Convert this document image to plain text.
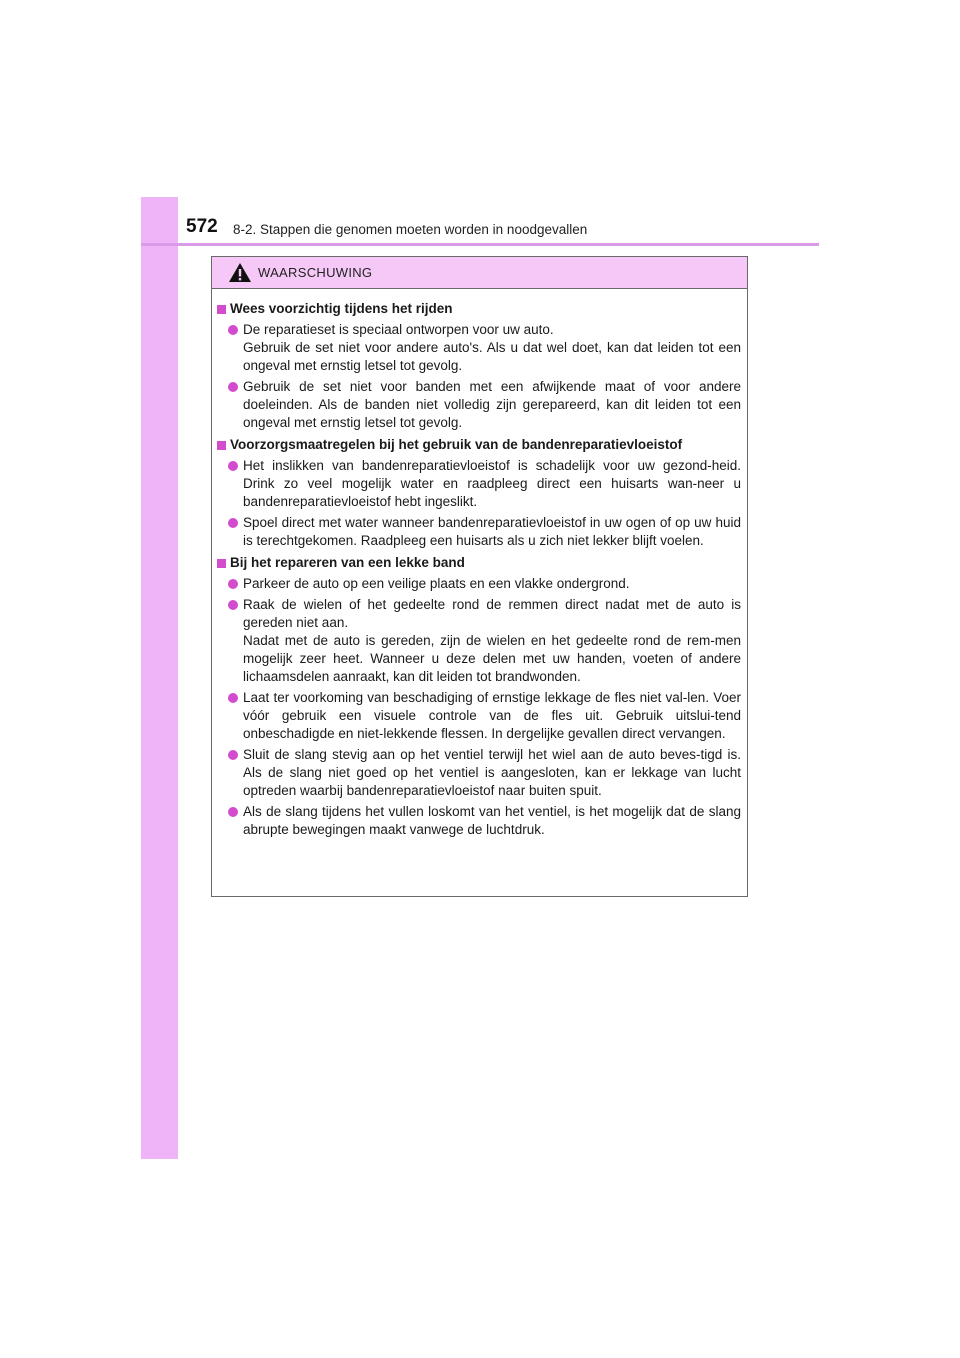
572 8-2. Stappen die genomen moeten worden in noodgevallen
WAARSCHUWING
Wees voorzichtig tijdens het rijden

De reparatieset is speciaal ontworpen voor uw auto.

Gebruik de set niet voor andere auto's. Als u dat wel doet, kan dat leiden tot een ongeval met ernstig letsel tot gevolg.

Gebruik de set niet voor banden met een afwijkende maat of voor andere doeleinden. Als de banden niet volledig zijn gerepareerd, kan dit leiden tot een ongeval met ernstig letsel tot gevolg.

Voorzorgsmaatregelen bij het gebruik van de bandenreparatievloeistof

Het inslikken van bandenreparatievloeistof is schadelijk voor uw gezond-heid. Drink zo veel mogelijk water en raadpleeg direct een huisarts wan-neer u bandenreparatievloeistof hebt ingeslikt.

Spoel direct met water wanneer bandenreparatievloeistof in uw ogen of op uw huid is terechtgekomen. Raadpleeg een huisarts als u zich niet lekker blijft voelen.

Bij het repareren van een lekke band

Parkeer de auto op een veilige plaats en een vlakke ondergrond.

Raak de wielen of het gedeelte rond de remmen direct nadat met de auto is gereden niet aan.

Nadat met de auto is gereden, zijn de wielen en het gedeelte rond de rem-men mogelijk zeer heet. Wanneer u deze delen met uw handen, voeten of andere lichaamsdelen aanraakt, kan dit leiden tot brandwonden.

Laat ter voorkoming van beschadiging of ernstige lekkage de fles niet val-len. Voer vóór gebruik een visuele controle van de fles uit. Gebruik uitslui-tend onbeschadigde en niet-lekkende flessen. In dergelijke gevallen direct vervangen.

Sluit de slang stevig aan op het ventiel terwijl het wiel aan de auto beves-tigd is. Als de slang niet goed op het ventiel is aangesloten, kan er lekkage van lucht optreden waarbij bandenreparatievloeistof naar buiten spuit.

Als de slang tijdens het vullen loskomt van het ventiel, is het mogelijk dat de slang abrupte bewegingen maakt vanwege de luchtdruk.
